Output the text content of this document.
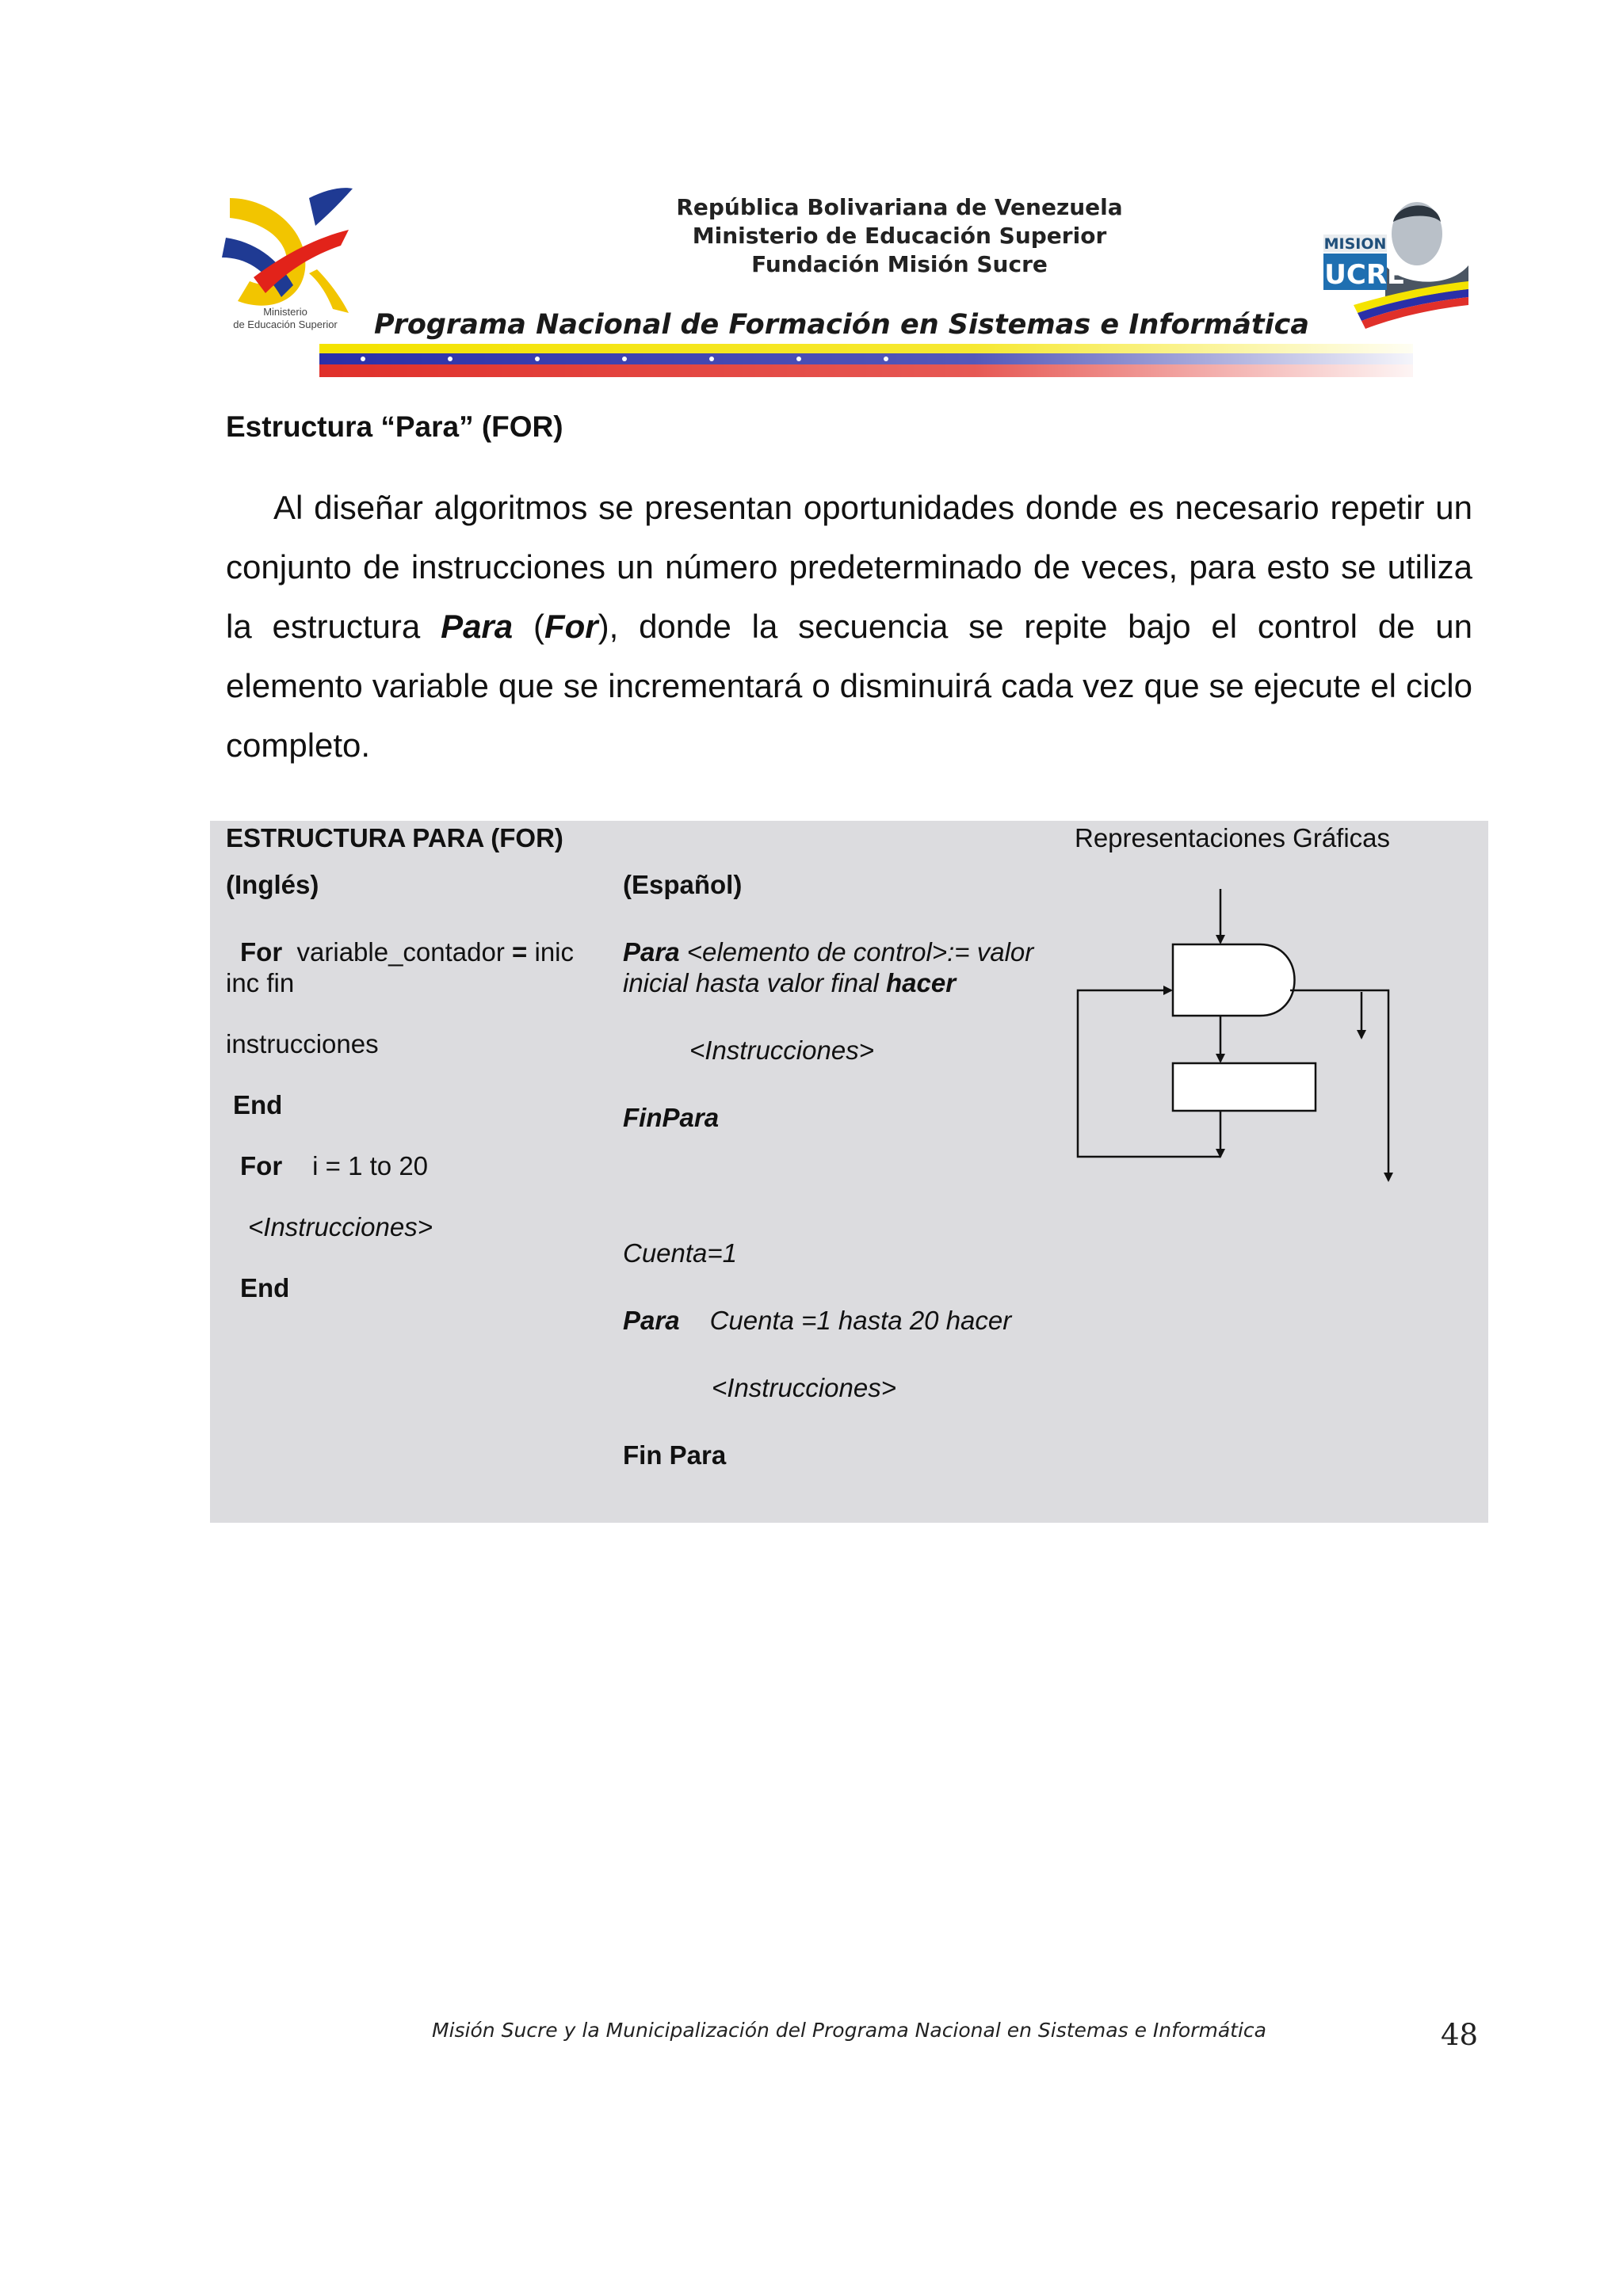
Ministerio
de Educación Superior
República Bolivariana de Venezuela
Ministerio de Educación Superior
Fundación Misión Sucre
Programa Nacional de Formación en Sistemas e Informática
MISION
SUCRE
Estructura “Para” (FOR)

Al diseñar algoritmos se presentan oportunidades donde es necesario repetir un conjunto de instrucciones un número predeterminado de veces, para esto se utiliza la estructura Para (For), donde la secuencia se repite bajo el control de un elemento variable que se incrementará o disminuirá cada vez que se ejecute el ciclo completo.

ESTRUCTURA PARA (FOR)	Representaciones Gráficas
(Inglés)
For variable_contador = inic
inc fin
instrucciones
End
For i = 1 to 20
<Instrucciones>
End
(Español)
Para <elemento de control>:= valor
inicial hasta valor final hacer
<Instrucciones>
FinPara
Cuenta=1
Para Cuenta =1 hasta 20 hacer
<Instrucciones>
Fin Para
Misión Sucre y la Municipalización del Programa Nacional en Sistemas e Informática	48
